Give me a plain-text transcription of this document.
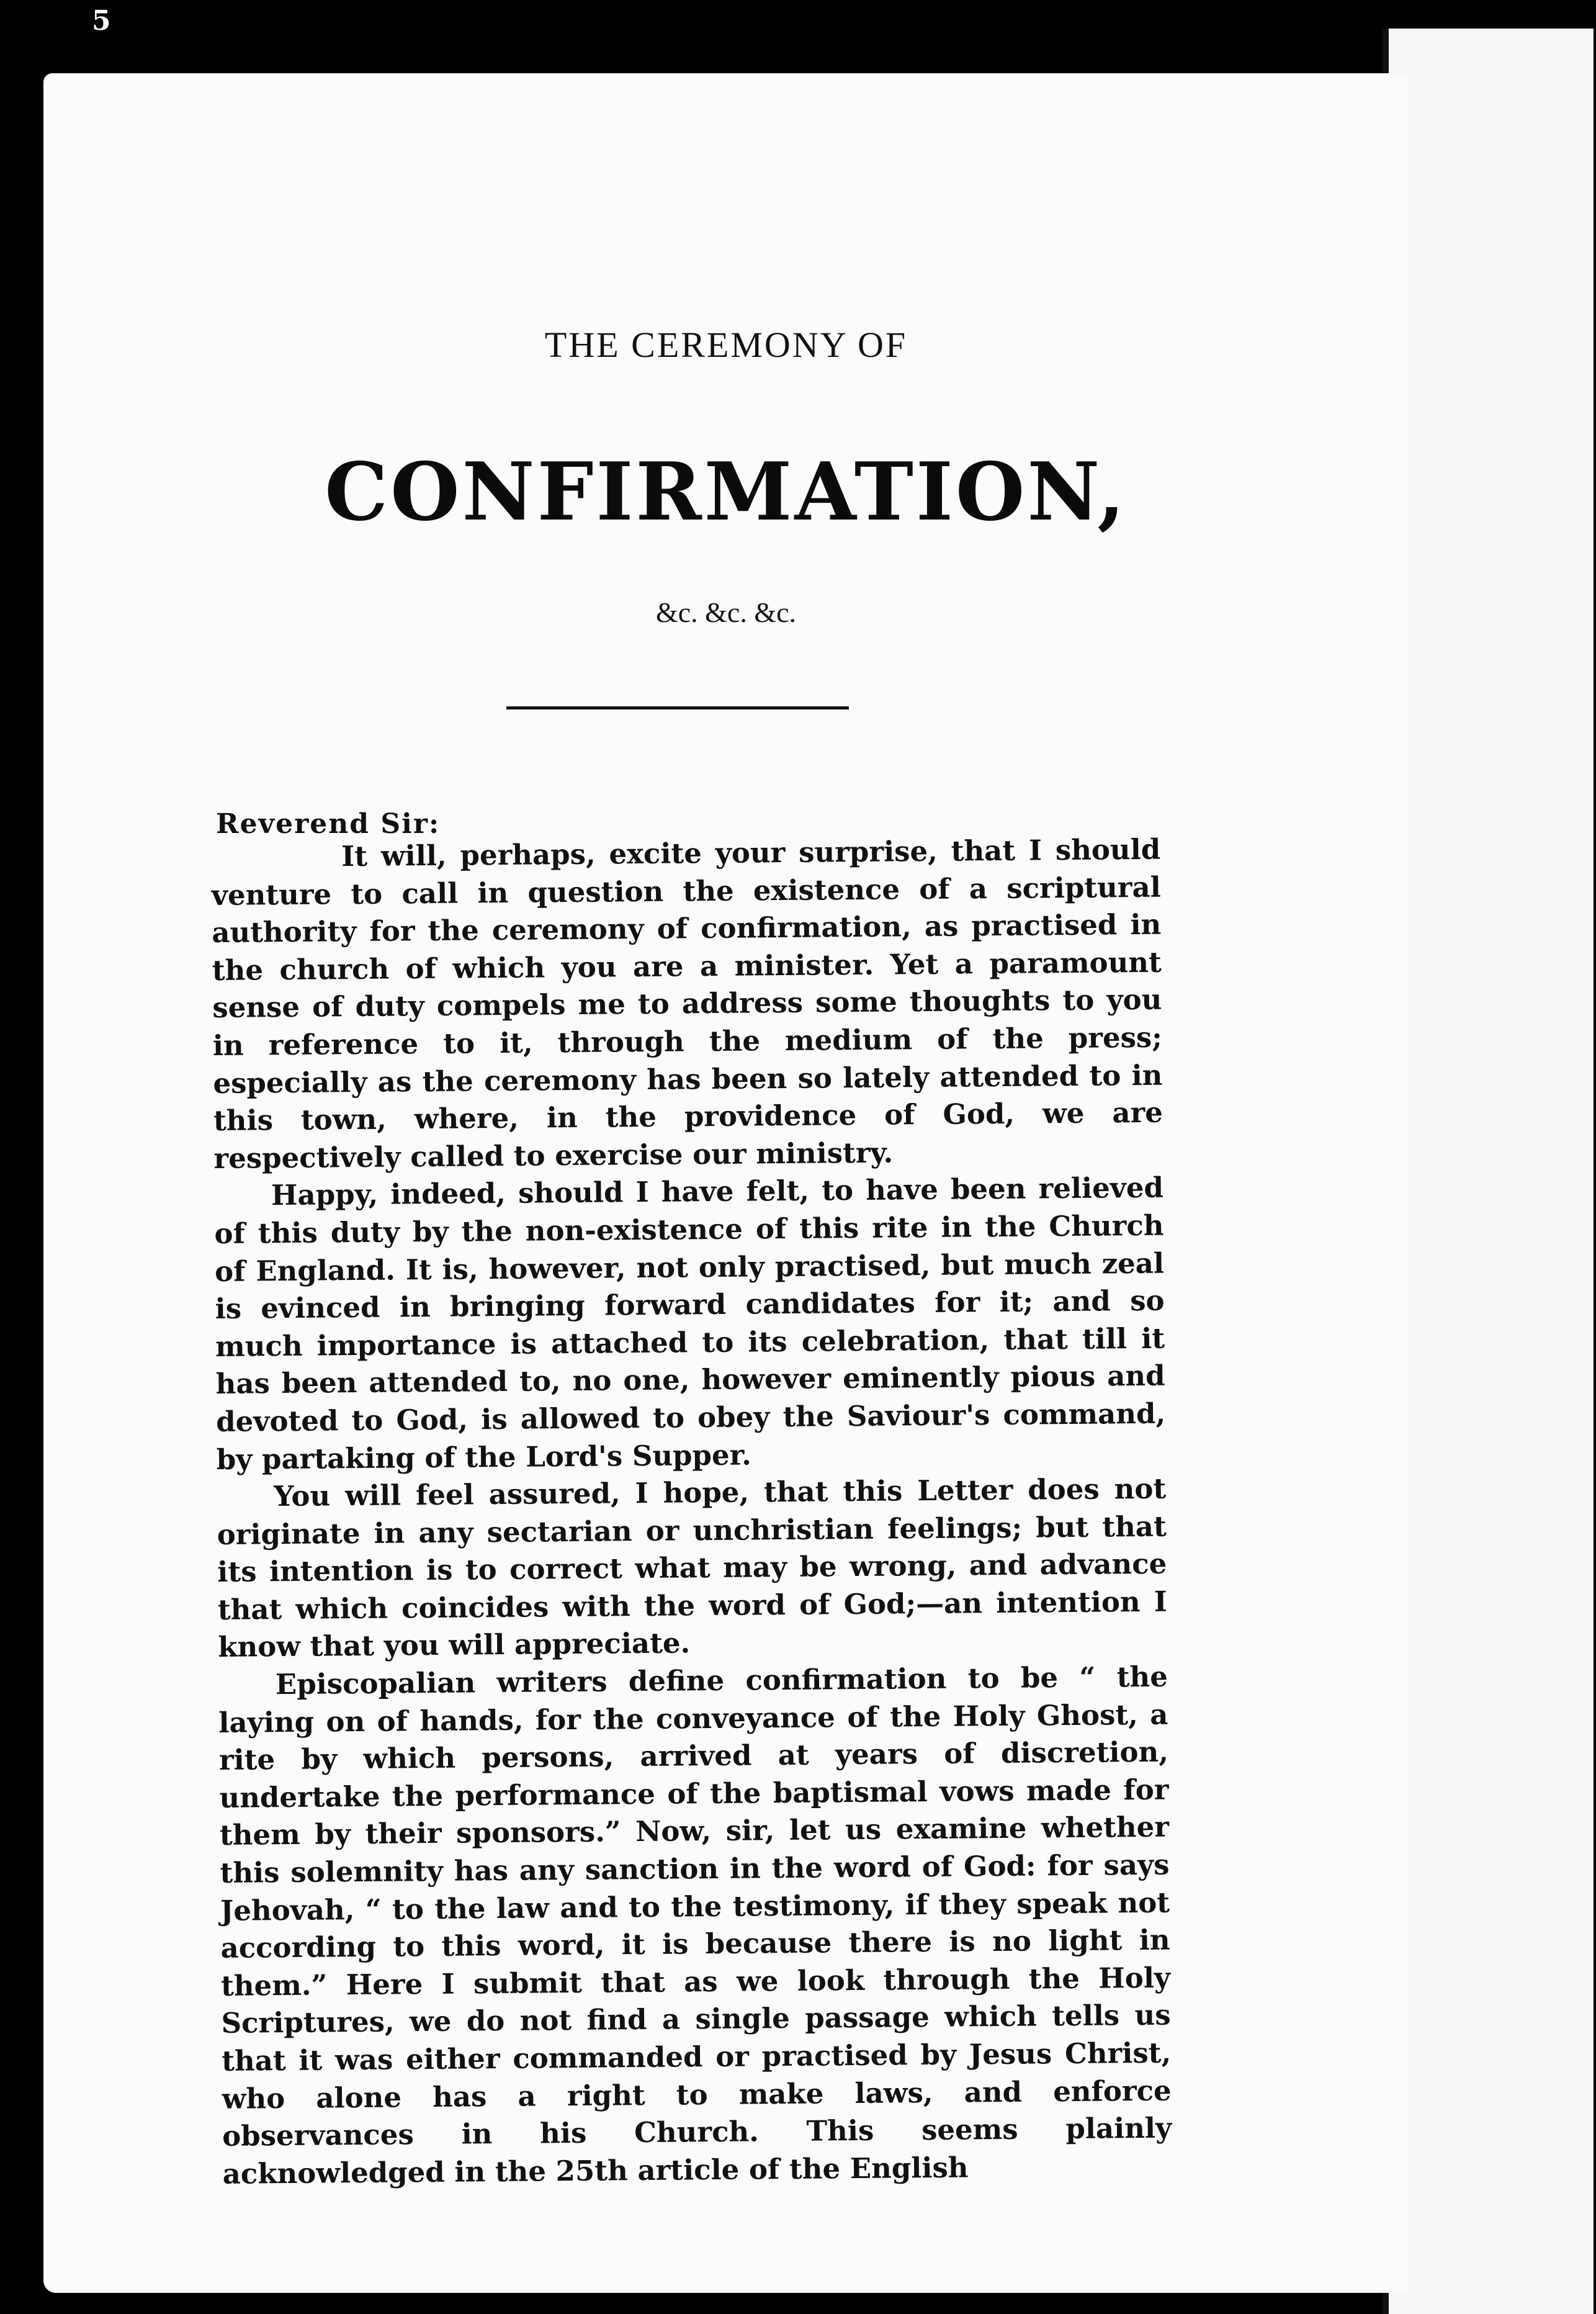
5
THE CEREMONY OF
CONFIRMATION,
&c. &c. &c.
Reverend Sir:

It will, perhaps, excite your surprise, that I should venture to call in question the existence of a scriptural authority for the ceremony of confirmation, as practised in the church of which you are a minister. Yet a paramount sense of duty compels me to address some thoughts to you in reference to it, through the medium of the press; especially as the ceremony has been so lately attended to in this town, where, in the providence of God, we are respectively called to exercise our ministry.

Happy, indeed, should I have felt, to have been relieved of this duty by the non-existence of this rite in the Church of England. It is, however, not only practised, but much zeal is evinced in bringing forward candidates for it; and so much importance is attached to its celebration, that till it has been attended to, no one, however eminently pious and devoted to God, is allowed to obey the Saviour's command, by partaking of the Lord's Supper.

You will feel assured, I hope, that this Letter does not originate in any sectarian or unchristian feelings; but that its intention is to correct what may be wrong, and advance that which coincides with the word of God;—an intention I know that you will appreciate.

Episcopalian writers define confirmation to be “ the laying on of hands, for the conveyance of the Holy Ghost, a rite by which persons, arrived at years of discretion, undertake the performance of the baptismal vows made for them by their sponsors.” Now, sir, let us examine whether this solemnity has any sanction in the word of God: for says Jehovah, “ to the law and to the testimony, if they speak not according to this word, it is because there is no light in them.” Here I submit that as we look through the Holy Scriptures, we do not find a single passage which tells us that it was either commanded or practised by Jesus Christ, who alone has a right to make laws, and enforce observances in his Church. This seems plainly acknowledged in the 25th article of the English
